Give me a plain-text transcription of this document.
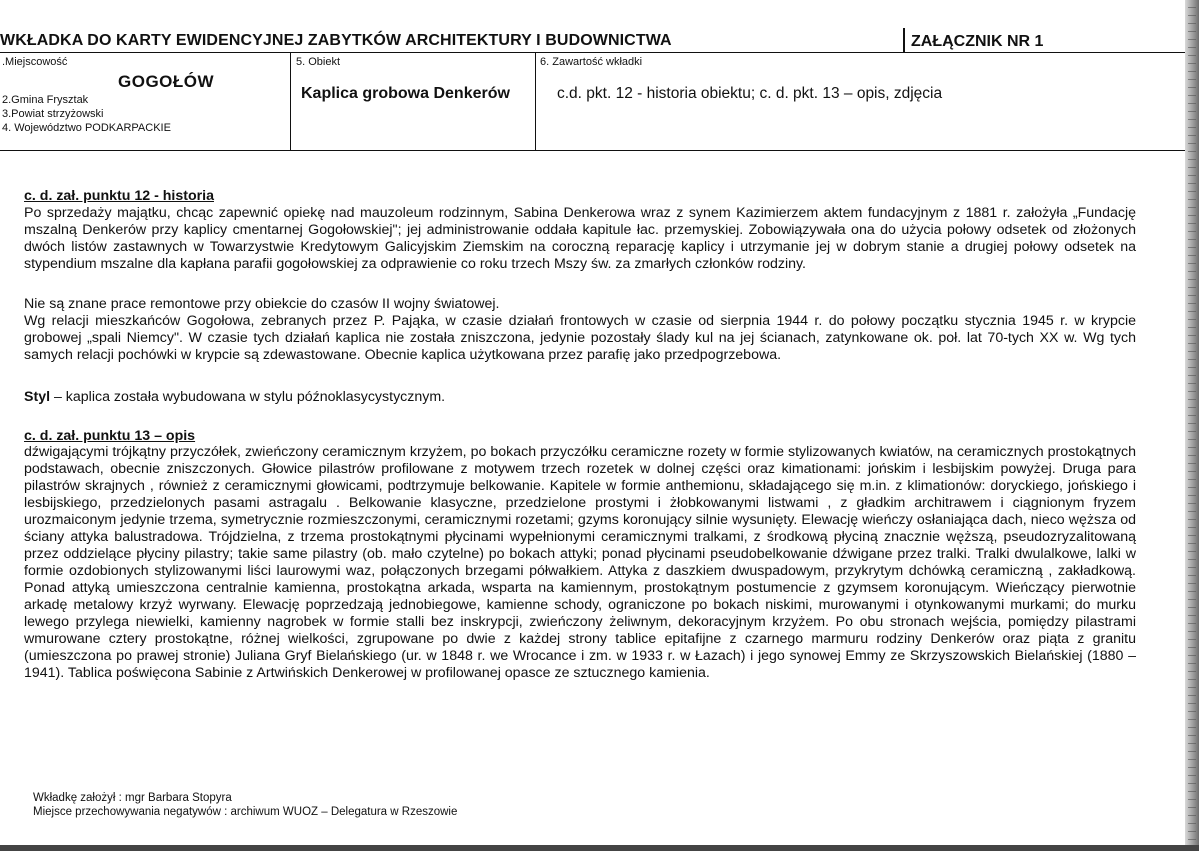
WKŁADKA DO KARTY EWIDENCYJNEJ ZABYTKÓW ARCHITEKTURY I BUDOWNICTWA	ZAŁĄCZNIK NR 1
.Miejscowość
GOGOŁÓW
2.Gmina Frysztak
3.Powiat strzyżowski
4. Województwo PODKARPACKIE
5. Obiekt
Kaplica grobowa Denkerów
6. Zawartość wkładki
c.d. pkt. 12 - historia obiektu; c. d. pkt. 13 – opis, zdjęcia
c. d. zał. punktu 12 - historia
Po sprzedaży majątku, chcąc zapewnić opiekę nad mauzoleum rodzinnym, Sabina Denkerowa wraz z synem Kazimierzem aktem fundacyjnym z 1881 r. założyła „Fundację mszalną Denkerów przy kaplicy cmentarnej Gogołowskiej"; jej administrowanie oddała kapitule łac. przemyskiej. Zobowiązywała ona do użycia połowy odsetek od złożonych dwóch listów zastawnych w Towarzystwie Kredytowym Galicyjskim Ziemskim na coroczną reparację kaplicy i utrzymanie jej w dobrym stanie a drugiej połowy odsetek na stypendium mszalne dla kapłana parafii gogołowskiej za odprawienie co roku trzech Mszy św. za zmarłych członków rodziny.
Nie są znane prace remontowe przy obiekcie do czasów II wojny światowej.
Wg relacji mieszkańców Gogołowa, zebranych przez P. Pająka, w czasie działań frontowych w czasie od sierpnia 1944 r. do połowy początku stycznia 1945 r. w krypcie grobowej „spali Niemcy". W czasie tych działań kaplica nie została zniszczona, jedynie pozostały ślady kul na jej ścianach, zatynkowane ok. poł. lat 70-tych XX w. Wg tych samych relacji pochówki w krypcie są zdewastowane. Obecnie kaplica użytkowana przez parafię jako przedpogrzebowa.
Styl – kaplica została wybudowana w stylu późnoklasycystycznym.
c. d. zał. punktu 13 – opis
dźwigającymi trójkątny przyczółek, zwieńczony ceramicznym krzyżem, po bokach przyczółku ceramiczne rozety w formie stylizowanych kwiatów, na ceramicznych prostokątnych podstawach, obecnie zniszczonych. Głowice pilastrów profilowane z motywem trzech rozetek w dolnej części oraz kimationami: jońskim i lesbijskim powyżej. Druga para pilastrów skrajnych , również z ceramicznymi głowicami, podtrzymuje belkowanie. Kapitele w formie anthemionu, składającego się m.in. z klimationów: doryckiego, jońskiego i lesbijskiego, przedzielonych pasami astragalu . Belkowanie klasyczne, przedzielone prostymi i żłobkowanymi listwami , z gładkim architrawem i ciągnionym fryzem urozmaiconym jedynie trzema, symetrycznie rozmieszczonymi, ceramicznymi rozetami; gzyms koronujący silnie wysunięty. Elewację wieńczy osłaniająca dach, nieco węższa od ściany attyka balustradowa. Trójdzielna, z trzema prostokątnymi płycinami wypełnionymi ceramicznymi tralkami, z środkową płyciną znacznie węższą, pseudozryzalitowaną przez oddzielące płyciny pilastry; takie same pilastry (ob. mało czytelne) po bokach attyki; ponad płycinami pseudobelkowanie dźwigane przez tralki. Tralki dwulalkowe, lalki w formie ozdobionych stylizowanymi liści laurowymi waz, połączonych brzegami półwałkiem. Attyka z daszkiem dwuspadowym, przykrytym dchówką ceramiczną , zakładkową. Ponad attyką umieszczona centralnie kamienna, prostokątna arkada, wsparta na kamiennym, prostokątnym postumencie z gzymsem koronującym. Wieńczący pierwotnie arkadę metalowy krzyż wyrwany. Elewację poprzedzają jednobiegowe, kamienne schody, ograniczone po bokach niskimi, murowanymi i otynkowanymi murkami; do murku lewego przylega niewielki, kamienny nagrobek w formie stalli bez inskrypcji, zwieńczony żeliwnym, dekoracyjnym krzyżem. Po obu stronach wejścia, pomiędzy pilastrami wmurowane cztery prostokątne, różnej wielkości, zgrupowane po dwie z każdej strony tablice epitafijne z czarnego marmuru rodziny Denkerów oraz piąta z granitu (umieszczona po prawej stronie) Juliana Gryf Bielańskiego (ur. w 1848 r. we Wrocance i zm. w 1933 r. w Łazach) i jego synowej Emmy ze Skrzyszowskich Bielańskiej (1880 – 1941). Tablica poświęcona Sabinie z Artwińskich Denkerowej w profilowanej opasce ze sztucznego kamienia.
Wkładkę założył : mgr Barbara Stopyra
Miejsce przechowywania negatywów : archiwum WUOZ – Delegatura w Rzeszowie
